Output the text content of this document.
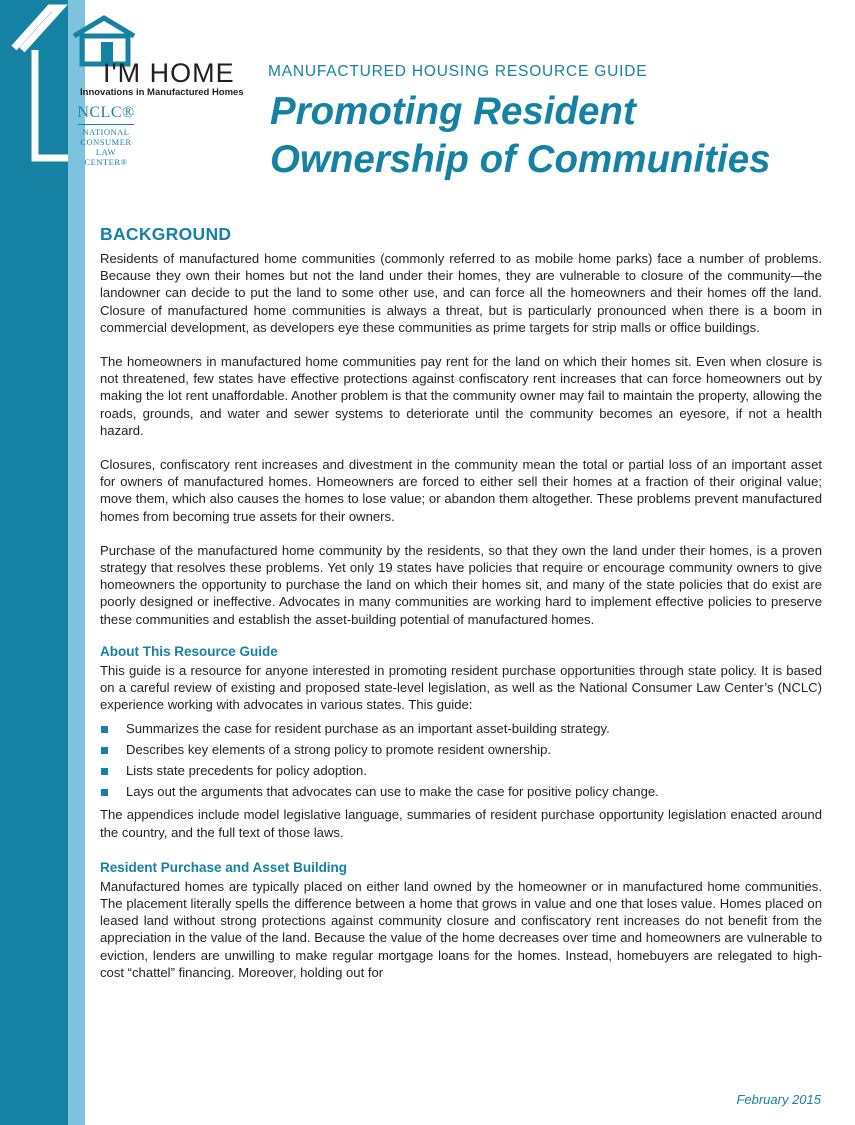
I'M HOME
Innovations in Manufactured Homes
NCLC®
NATIONAL
CONSUMER
LAW
CENTER®
MANUFACTURED HOUSING RESOURCE GUIDE
Promoting Resident
Ownership of Communities
BACKGROUND

Residents of manufactured home communities (commonly referred to as mobile home parks) face a number of problems. Because they own their homes but not the land under their homes, they are vulnerable to closure of the community—the landowner can decide to put the land to some other use, and can force all the homeowners and their homes off the land. Closure of manufactured home communities is always a threat, but is particularly pronounced when there is a boom in commercial development, as developers eye these communities as prime targets for strip malls or office buildings.

The homeowners in manufactured home communities pay rent for the land on which their homes sit. Even when closure is not threatened, few states have effective protections against confiscatory rent increases that can force homeowners out by making the lot rent unaffordable. Another problem is that the community owner may fail to maintain the property, allowing the roads, grounds, and water and sewer systems to deteriorate until the community becomes an eyesore, if not a health hazard.

Closures, confiscatory rent increases and divestment in the community mean the total or partial loss of an important asset for owners of manufactured homes. Homeowners are forced to either sell their homes at a fraction of their original value; move them, which also causes the homes to lose value; or abandon them altogether. These problems prevent manufactured homes from becoming true assets for their owners.

Purchase of the manufactured home community by the residents, so that they own the land under their homes, is a proven strategy that resolves these problems. Yet only 19 states have policies that require or encourage community owners to give homeowners the opportunity to purchase the land on which their homes sit, and many of the state policies that do exist are poorly designed or ineffective. Advocates in many communities are working hard to implement effective policies to preserve these communities and establish the asset-building potential of manufactured homes.

About This Resource Guide

This guide is a resource for anyone interested in promoting resident purchase opportunities through state policy. It is based on a careful review of existing and proposed state-level legislation, as well as the National Consumer Law Center’s (NCLC) experience working with advocates in various states. This guide:

Summarizes the case for resident purchase as an important asset-building strategy.
Describes key elements of a strong policy to promote resident ownership.
Lists state precedents for policy adoption.
Lays out the arguments that advocates can use to make the case for positive policy change.

The appendices include model legislative language, summaries of resident purchase opportunity legislation enacted around the country, and the full text of those laws.

Resident Purchase and Asset Building

Manufactured homes are typically placed on either land owned by the homeowner or in manufactured home communities. The placement literally spells the difference between a home that grows in value and one that loses value. Homes placed on leased land without strong protections against community closure and confiscatory rent increases do not benefit from the appreciation in the value of the land. Because the value of the home decreases over time and homeowners are vulnerable to eviction, lenders are unwilling to make regular mortgage loans for the homes. Instead, homebuyers are relegated to high-cost “chattel” financing. Moreover, holding out for

February 2015
